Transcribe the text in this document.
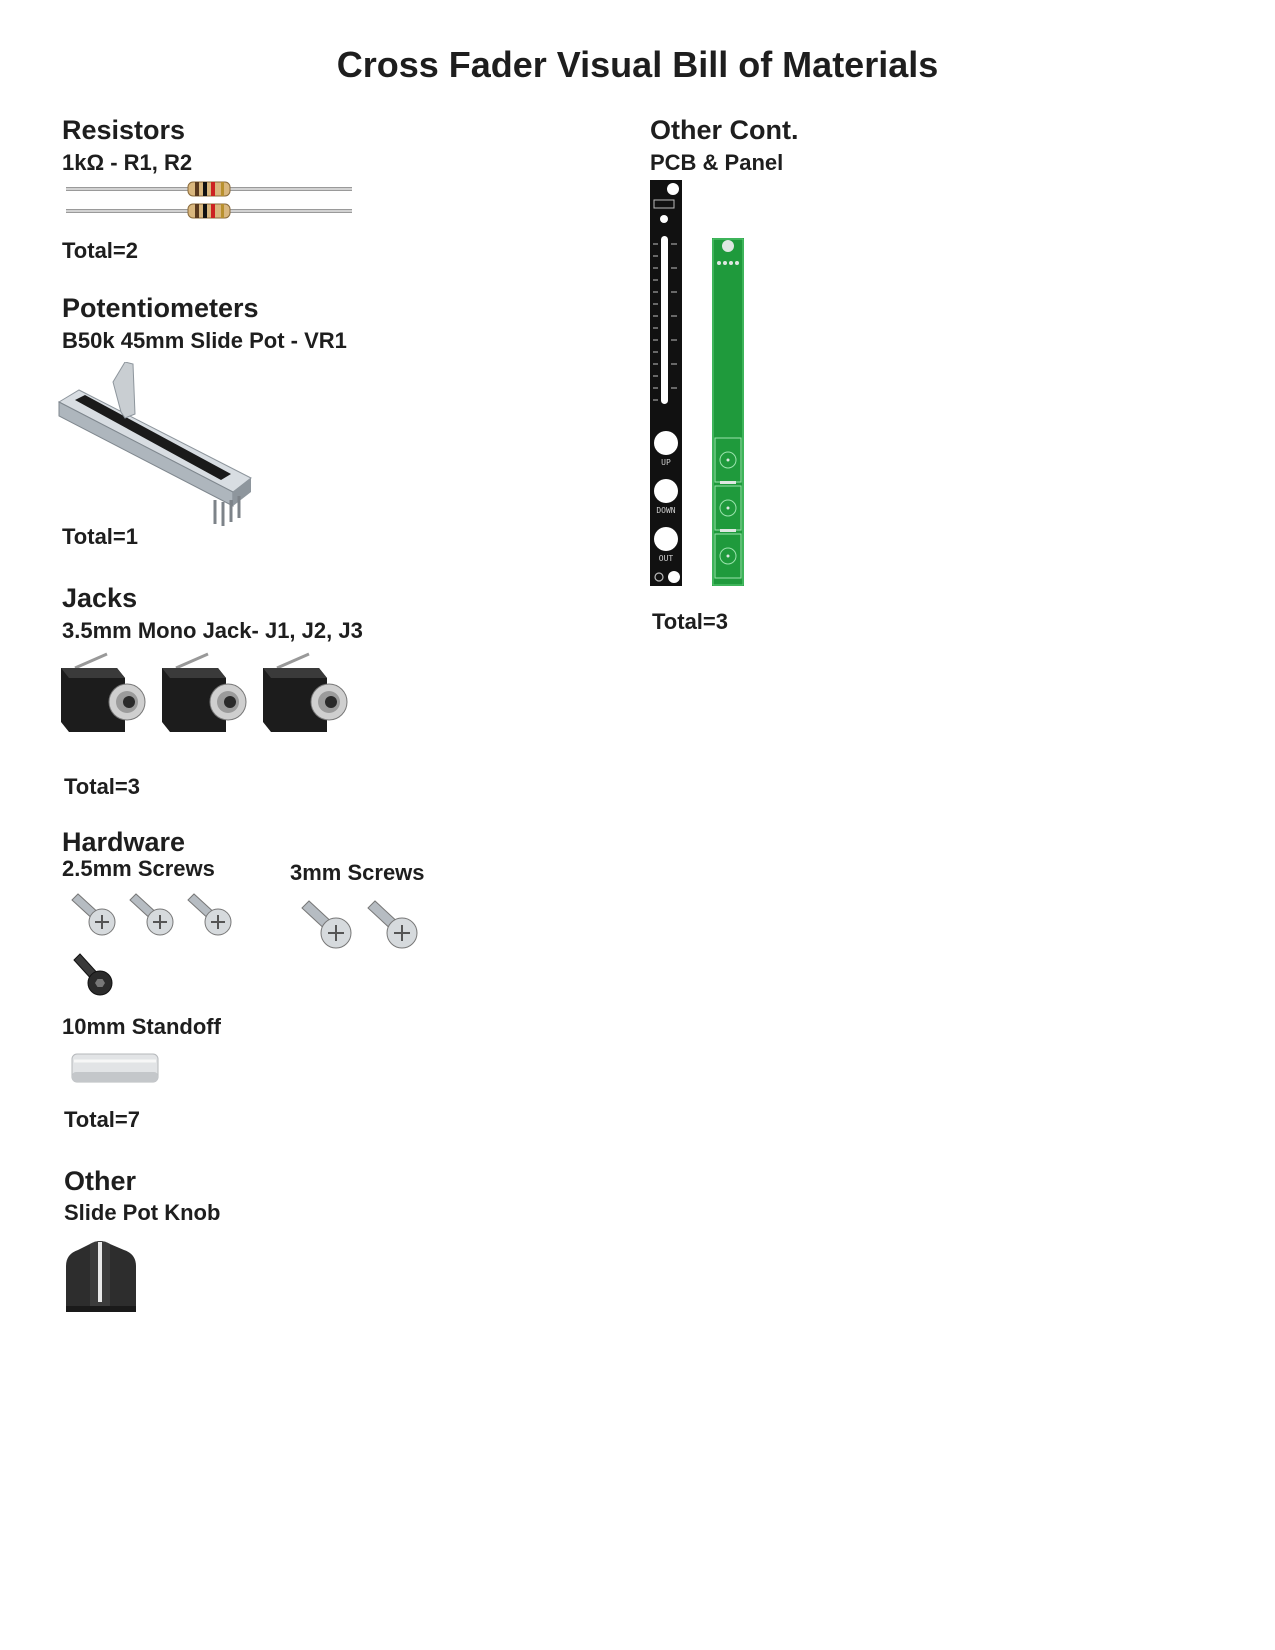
Cross Fader Visual Bill of Materials
Resistors
1kΩ - R1, R2
Total=2
Potentiometers
B50k 45mm Slide Pot - VR1
Total=1
Jacks
3.5mm Mono Jack- J1, J2, J3
Total=3
Hardware
2.5mm Screws	3mm Screws
10mm Standoff
Total=7
Other
Slide Pot Knob
Other Cont.
PCB & Panel
UP
DOWN
OUT
Total=3
